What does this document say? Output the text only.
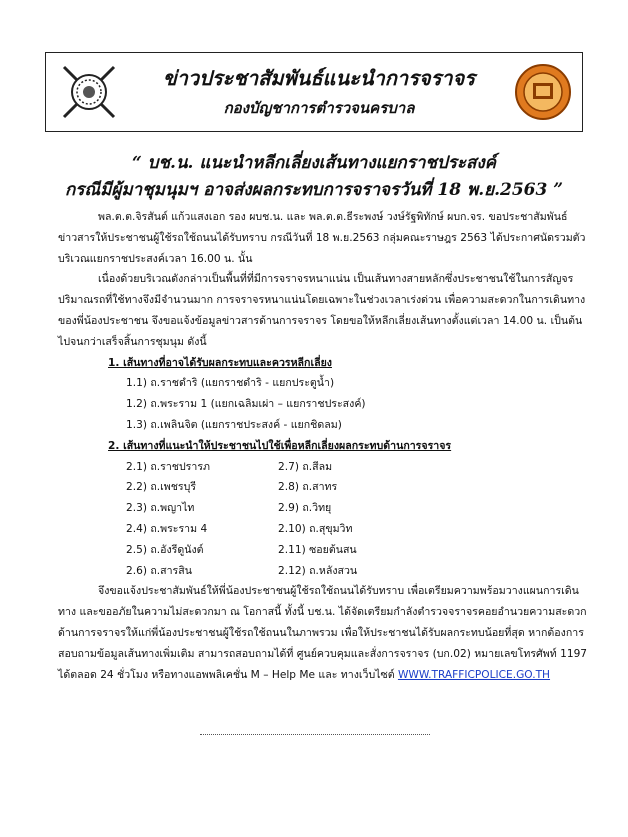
ข่าวประชาสัมพันธ์แนะนำการจราจร
กองบัญชาการตำรวจนครบาล
“ บช.น. แนะนำหลีกเลี่ยงเส้นทางแยกราชประสงค์
กรณีมีผู้มาชุมนุมฯ อาจส่งผลกระทบการจราจรวันที่ 18 พ.ย.2563 ”

พล.ต.ต.จิรสันต์ แก้วแสงเอก รอง ผบช.น. และ พล.ต.ต.ธีระพงษ์ วงษ์รัฐพิทักษ์ ผบก.จร. ขอประชาสัมพันธ์ข่าวสารให้ประชาชนผู้ใช้รถใช้ถนนได้รับทราบ กรณีวันที่ 18 พ.ย.2563 กลุ่มคณะราษฎร 2563 ได้ประกาศนัดรวมตัวบริเวณแยกราชประสงค์เวลา 16.00 น. นั้น

เนื่องด้วยบริเวณดังกล่าวเป็นพื้นที่ที่มีการจราจรหนาแน่น เป็นเส้นทางสายหลักซึ่งประชาชนใช้ในการสัญจร ปริมาณรถที่ใช้ทางจึงมีจำนวนมาก การจราจรหนาแน่นโดยเฉพาะในช่วงเวลาเร่งด่วน เพื่อความสะดวกในการเดินทางของพี่น้องประชาชน จึงขอแจ้งข้อมูลข่าวสารด้านการจราจร โดยขอให้หลีกเลี่ยงเส้นทางตั้งแต่เวลา 14.00 น. เป็นต้นไปจนกว่าเสร็จสิ้นการชุมนุม ดังนี้

1. เส้นทางที่อาจได้รับผลกระทบและควรหลีกเลี่ยง

1.1) ถ.ราชดำริ (แยกราชดำริ - แยกประตูน้ำ)

1.2) ถ.พระราม 1 (แยกเฉลิมเผ่า – แยกราชประสงค์)

1.3) ถ.เพลินจิต (แยกราชประสงค์ - แยกชิดลม)

2. เส้นทางที่แนะนำให้ประชาชนไปใช้เพื่อหลีกเลี่ยงผลกระทบด้านการจราจร

2.1) ถ.ราชปรารภ	2.7) ถ.สีลม
2.2) ถ.เพชรบุรี	2.8) ถ.สาทร
2.3) ถ.พญาไท	2.9) ถ.วิทยุ
2.4) ถ.พระราม 4	2.10) ถ.สุขุมวิท
2.5) ถ.อังรีดูนังต์	2.11) ซอยต้นสน
2.6) ถ.สารสิน	2.12) ถ.หลังสวน

จึงขอแจ้งประชาสัมพันธ์ให้พี่น้องประชาชนผู้ใช้รถใช้ถนนได้รับทราบ เพื่อเตรียมความพร้อมวางแผนการเดินทาง และขออภัยในความไม่สะดวกมา ณ โอกาสนี้ ทั้งนี้ บช.น. ได้จัดเตรียมกำลังตำรวจจราจรคอยอำนวยความสะดวกด้านการจราจรให้แก่พี่น้องประชาชนผู้ใช้รถใช้ถนนในภาพรวม เพื่อให้ประชาชนได้รับผลกระทบน้อยที่สุด หากต้องการสอบถามข้อมูลเส้นทางเพิ่มเติม สามารถสอบถามได้ที่ ศูนย์ควบคุมและสั่งการจราจร (บก.02) หมายเลขโทรศัพท์ 1197 ได้ตลอด 24 ชั่วโมง หรือทางแอพพลิเคชั่น M – Help Me และ ทางเว็บไซต์ WWW.TRAFFICPOLICE.GO.TH
